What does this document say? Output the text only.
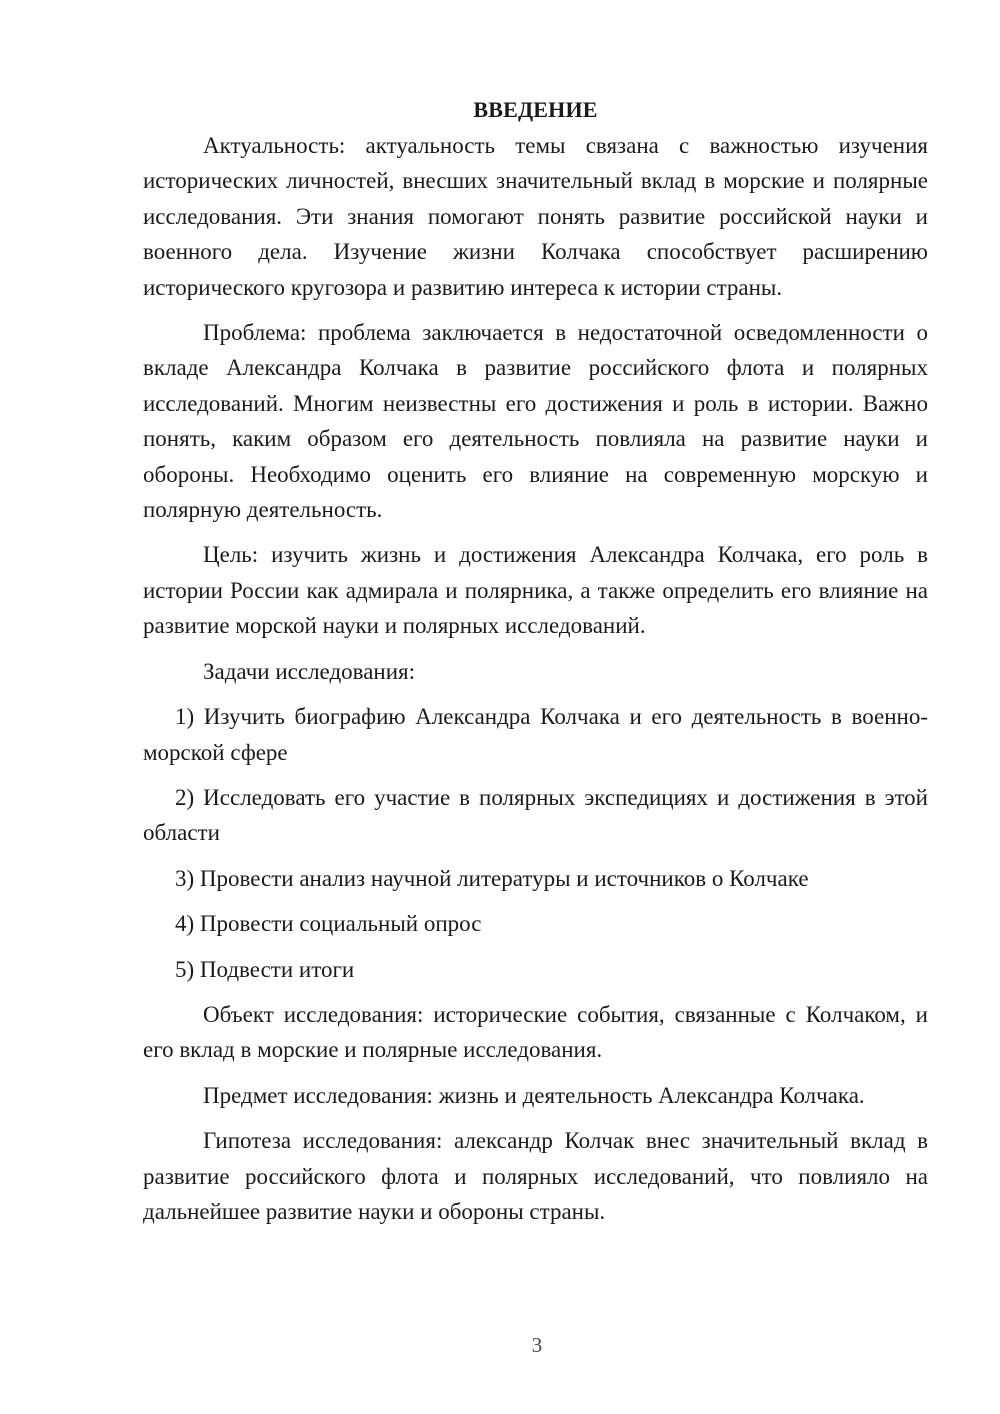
ВВЕДЕНИЕ

Актуальность: актуальность темы связана с важностью изучения исторических личностей, внесших значительный вклад в морские и полярные исследования. Эти знания помогают понять развитие российской науки и военного дела. Изучение жизни Колчака способствует расширению исторического кругозора и развитию интереса к истории страны.

Проблема: проблема заключается в недостаточной осведомленности о вкладе Александра Колчака в развитие российского флота и полярных исследований. Многим неизвестны его достижения и роль в истории. Важно понять, каким образом его деятельность повлияла на развитие науки и обороны. Необходимо оценить его влияние на современную морскую и полярную деятельность.

Цель: изучить жизнь и достижения Александра Колчака, его роль в истории России как адмирала и полярника, а также определить его влияние на развитие морской науки и полярных исследований.

Задачи исследования:

1) Изучить биографию Александра Колчака и его деятельность в военно-морской сфере

2) Исследовать его участие в полярных экспедициях и достижения в этой области

3) Провести анализ научной литературы и источников о Колчаке

4) Провести социальный опрос

5) Подвести итоги

Объект исследования: исторические события, связанные с Колчаком, и его вклад в морские и полярные исследования.

Предмет исследования: жизнь и деятельность Александра Колчака.

Гипотеза исследования: александр Колчак внес значительный вклад в развитие российского флота и полярных исследований, что повлияло на дальнейшее развитие науки и обороны страны.

3
